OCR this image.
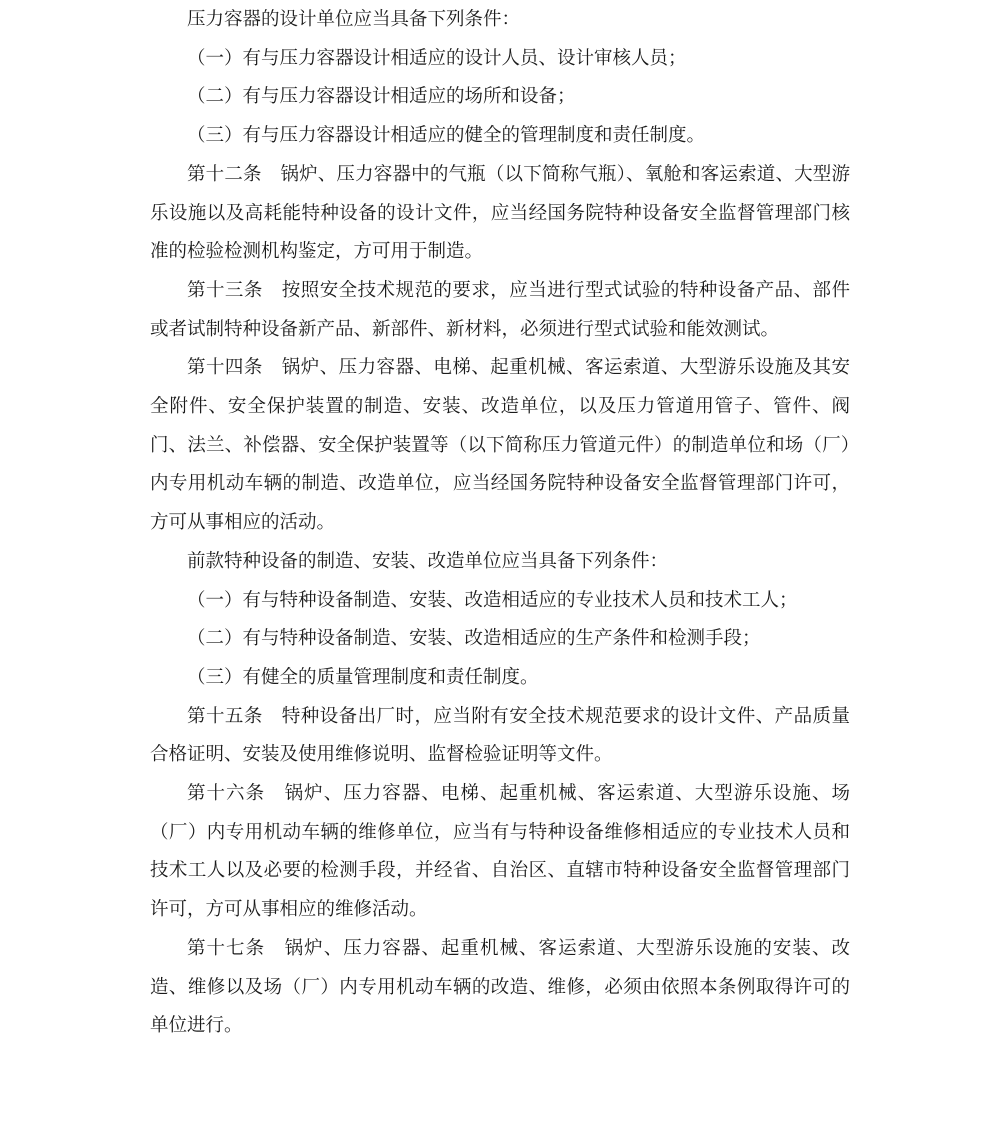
压力容器的设计单位应当具备下列条件：

（一）有与压力容器设计相适应的设计人员、设计审核人员；

（二）有与压力容器设计相适应的场所和设备；

（三）有与压力容器设计相适应的健全的管理制度和责任制度。

第十二条  锅炉、压力容器中的气瓶（以下简称气瓶）、氧舱和客运索道、大型游乐设施以及高耗能特种设备的设计文件，应当经国务院特种设备安全监督管理部门核准的检验检测机构鉴定，方可用于制造。

第十三条  按照安全技术规范的要求，应当进行型式试验的特种设备产品、部件或者试制特种设备新产品、新部件、新材料，必须进行型式试验和能效测试。

第十四条  锅炉、压力容器、电梯、起重机械、客运索道、大型游乐设施及其安全附件、安全保护装置的制造、安装、改造单位，以及压力管道用管子、管件、阀门、法兰、补偿器、安全保护装置等（以下简称压力管道元件）的制造单位和场（厂）内专用机动车辆的制造、改造单位，应当经国务院特种设备安全监督管理部门许可，方可从事相应的活动。

前款特种设备的制造、安装、改造单位应当具备下列条件：

（一）有与特种设备制造、安装、改造相适应的专业技术人员和技术工人；

（二）有与特种设备制造、安装、改造相适应的生产条件和检测手段；

（三）有健全的质量管理制度和责任制度。

第十五条  特种设备出厂时，应当附有安全技术规范要求的设计文件、产品质量合格证明、安装及使用维修说明、监督检验证明等文件。

第十六条  锅炉、压力容器、电梯、起重机械、客运索道、大型游乐设施、场（厂）内专用机动车辆的维修单位，应当有与特种设备维修相适应的专业技术人员和技术工人以及必要的检测手段，并经省、自治区、直辖市特种设备安全监督管理部门许可，方可从事相应的维修活动。

第十七条  锅炉、压力容器、起重机械、客运索道、大型游乐设施的安装、改造、维修以及场（厂）内专用机动车辆的改造、维修，必须由依照本条例取得许可的单位进行。
